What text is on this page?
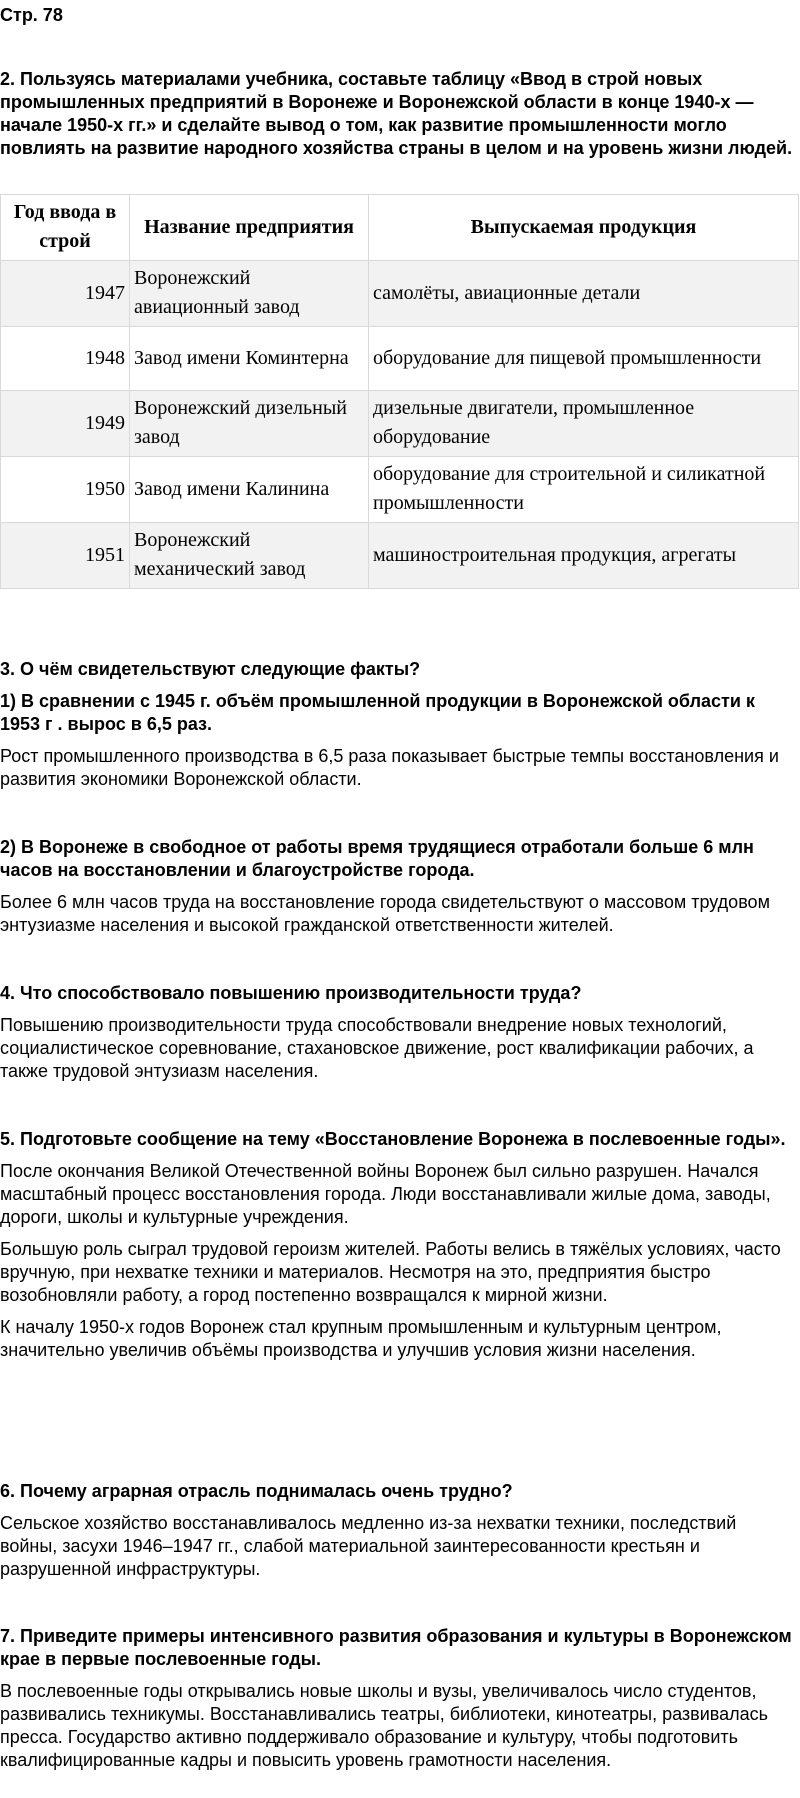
Стр. 78

2. Пользуясь материалами учебника, составьте таблицу «Ввод в строй новых промышленных предприятий в Воронеже и Воронежской области в конце 1940-х — начале 1950-х гг.» и сделайте вывод о том, как развитие промышленности могло повлиять на развитие народного хозяйства страны в целом и на уровень жизни людей.

Год ввода в строй	Название предприятия	Выпускаемая продукция
1947	Воронежский авиационный завод	самолёты, авиационные детали
1948	Завод имени Коминтерна	оборудование для пищевой промышленности
1949	Воронежский дизельный завод	дизельные двигатели, промышленное оборудование
1950	Завод имени Калинина	оборудование для строительной и силикатной промышленности
1951	Воронежский механический завод	машиностроительная продукция, агрегаты

3. О чём свидетельствуют следующие факты?

1) В сравнении с 1945 г. объём промышленной продукции в Воронежской области к 1953 г . вырос в 6,5 раз.

Рост промышленного производства в 6,5 раза показывает быстрые темпы восстановления и развития экономики Воронежской области.

2) В Воронеже в свободное от работы время трудящиеся отработали больше 6 млн часов на восстановлении и благоустройстве города.

Более 6 млн часов труда на восстановление города свидетельствуют о массовом трудовом энтузиазме населения и высокой гражданской ответственности жителей.

4. Что способствовало повышению производительности труда?

Повышению производительности труда способствовали внедрение новых технологий, социалистическое соревнование, стахановское движение, рост квалификации рабочих, а также трудовой энтузиазм населения.

5. Подготовьте сообщение на тему «Восстановление Воронежа в послевоенные годы».

После окончания Великой Отечественной войны Воронеж был сильно разрушен. Начался масштабный процесс восстановления города. Люди восстанавливали жилые дома, заводы, дороги, школы и культурные учреждения.

Большую роль сыграл трудовой героизм жителей. Работы велись в тяжёлых условиях, часто вручную, при нехватке техники и материалов. Несмотря на это, предприятия быстро возобновляли работу, а город постепенно возвращался к мирной жизни.

К началу 1950-х годов Воронеж стал крупным промышленным и культурным центром, значительно увеличив объёмы производства и улучшив условия жизни населения.

6. Почему аграрная отрасль поднималась очень трудно?

Сельское хозяйство восстанавливалось медленно из-за нехватки техники, последствий войны, засухи 1946–1947 гг., слабой материальной заинтересованности крестьян и разрушенной инфраструктуры.

7. Приведите примеры интенсивного развития образования и культуры в Воронежском крае в первые послевоенные годы.

В послевоенные годы открывались новые школы и вузы, увеличивалось число студентов, развивались техникумы. Восстанавливались театры, библиотеки, кинотеатры, развивалась пресса. Государство активно поддерживало образование и культуру, чтобы подготовить квалифицированные кадры и повысить уровень грамотности населения.
